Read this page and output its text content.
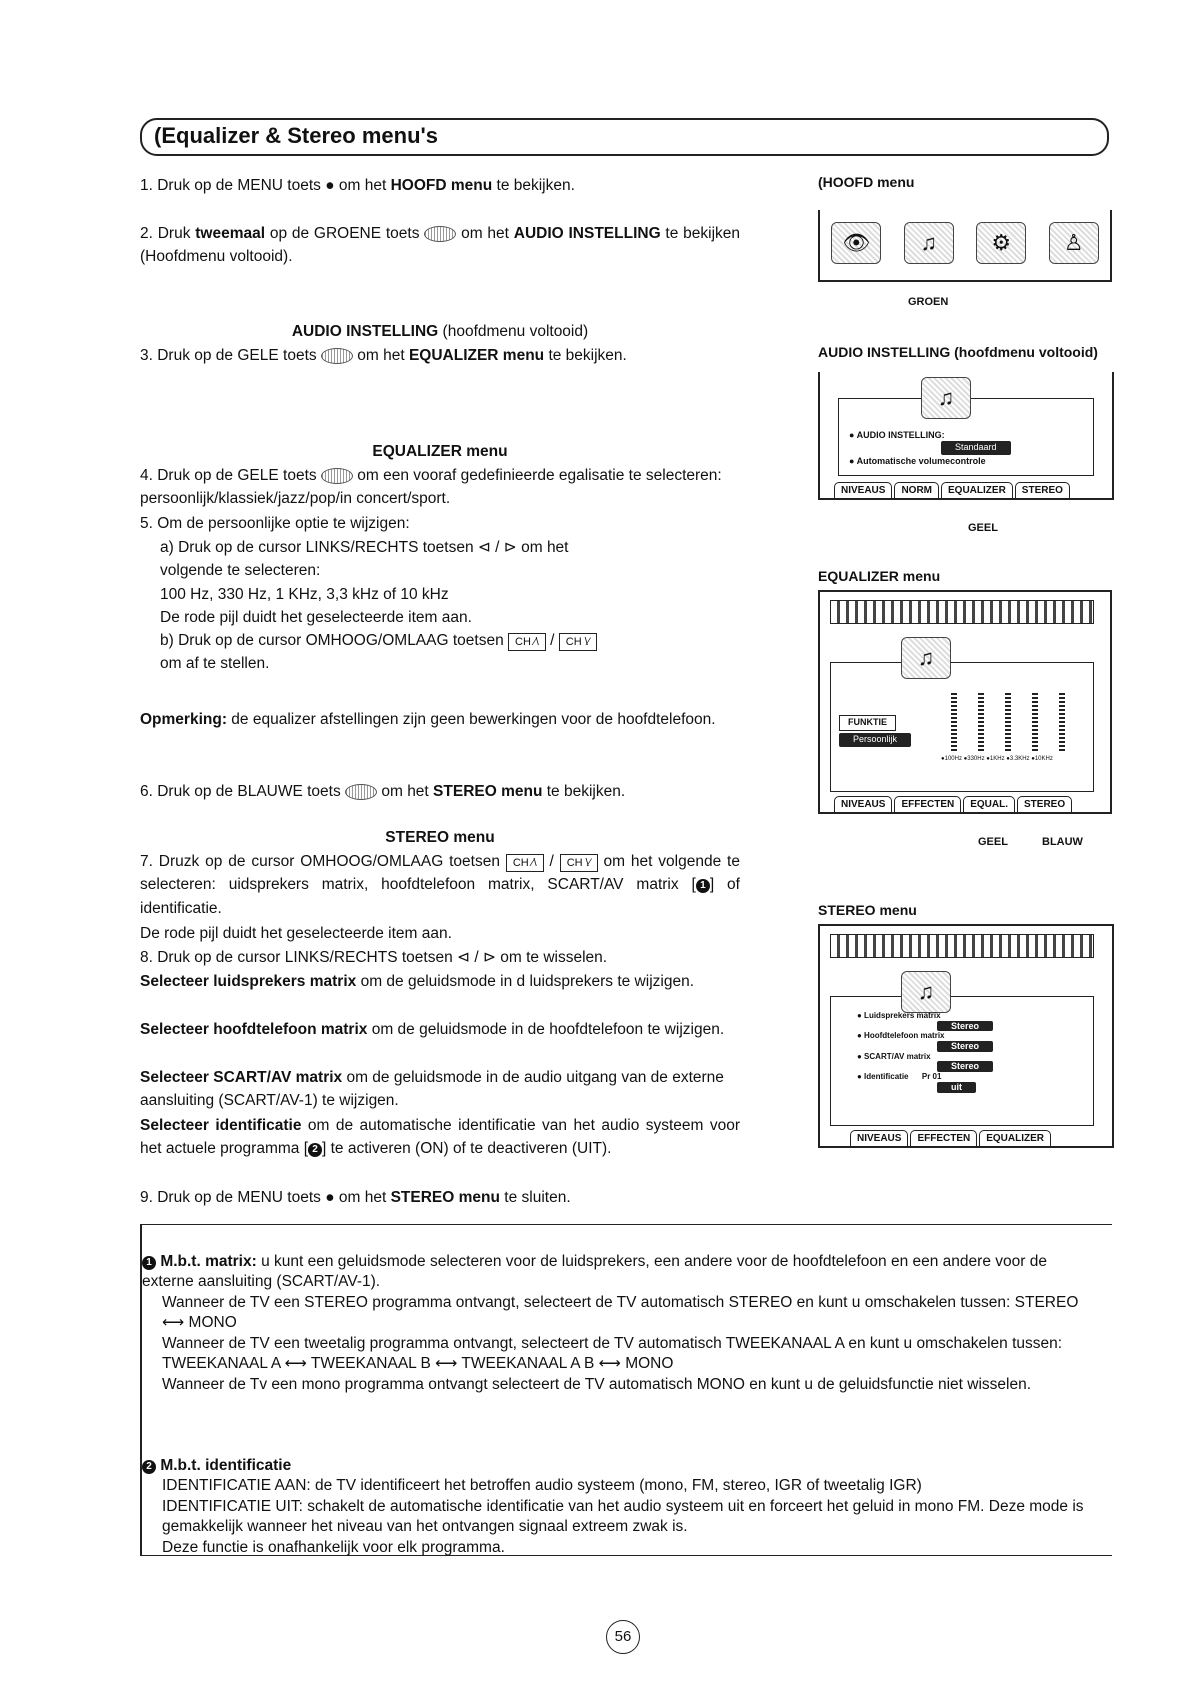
(Equalizer & Stereo menu's
1. Druk op de MENU toets ● om het HOOFD menu te bekijken.
2. Druk tweemaal op de GROENE toets  om het AUDIO INSTELLING te bekijken (Hoofdmenu voltooid).
AUDIO INSTELLING (hoofdmenu voltooid)
3. Druk op de GELE toets  om het EQUALIZER menu te bekijken.
EQUALIZER menu
4. Druk op de GELE toets  om een vooraf gedefinieerde egalisatie te selecteren: persoonlijk/klassiek/jazz/pop/in concert/sport.
5. Om de persoonlijke optie te wijzigen:
a) Druk op de cursor LINKS/RECHTS toetsen ⊲ / ⊳ om het
volgende te selecteren:
100 Hz, 330 Hz, 1 KHz, 3,3 kHz of 10 kHz
De rode pijl duidt het geselecteerde item aan.
b) Druk op de cursor OMHOOG/OMLAAG toetsen CH ⁄\ / CH \⁄
om af te stellen.
Opmerking: de equalizer afstellingen zijn geen bewerkingen voor de hoofdtelefoon.
6. Druk op de BLAUWE toets  om het STEREO menu te bekijken.
STEREO menu
7. Druzk op de cursor OMHOOG/OMLAAG toetsen CH ⁄\ / CH \⁄ om het volgende te selecteren: uidsprekers matrix, hoofdtelefoon matrix, SCART/AV matrix [ 1 ] of identificatie.
De rode pijl duidt het geselecteerde item aan.
8. Druk op de cursor LINKS/RECHTS toetsen ⊲ / ⊳ om te wisselen.
Selecteer luidsprekers matrix om de geluidsmode in d luidsprekers te wijzigen.
Selecteer hoofdtelefoon matrix om de geluidsmode in de hoofdtelefoon te wijzigen.
Selecteer SCART/AV matrix om de geluidsmode in de audio uitgang van de externe aansluiting (SCART/AV-1) te wijzigen.
Selecteer identificatie om de automatische identificatie van het audio systeem voor het actuele programma [ 2 ] te activeren (ON) of te deactiveren (UIT).
9. Druk op de MENU toets ● om het STEREO menu te sluiten.
(HOOFD menu
👁	♫	⚙	♙
GROEN
AUDIO INSTELLING (hoofdmenu voltooid)
♫
● AUDIO INSTELLING:
Standaard
● Automatische volumecontrole
NIVEAUS	NORM	EQUALIZER	STEREO
GEEL
EQUALIZER menu
♫
FUNKTIE
Persoonlijk
●100Hz ●330Hz ●1KHz ●3.3KHz ●10KHz
NIVEAUS	EFFECTEN	EQUAL.	STEREO
GEEL	BLAUW
STEREO menu
♫
● Luidsprekers matrix
Stereo
● Hoofdtelefoon matrix
Stereo
● SCART/AV matrix
Stereo
● Identificatie Pr 01
uit
NIVEAUS	EFFECTEN	EQUALIZER
1 M.b.t. matrix: u kunt een geluidsmode selecteren voor de luidsprekers, een andere voor de hoofdtelefoon en een andere voor de externe aansluiting (SCART/AV-1).
Wanneer de TV een STEREO programma ontvangt, selecteert de TV automatisch STEREO en kunt u omschakelen tussen: STEREO ⟷ MONO
Wanneer de TV een tweetalig programma ontvangt, selecteert de TV automatisch TWEEKANAAL A en kunt u omschakelen tussen:
TWEEKANAAL A ⟷ TWEEKANAAL B ⟷ TWEEKANAAL A B ⟷ MONO
Wanneer de Tv een mono programma ontvangt selecteert de TV automatisch MONO en kunt u de geluidsfunctie niet wisselen.
2 M.b.t. identificatie
IDENTIFICATIE AAN: de TV identificeert het betroffen audio systeem (mono, FM, stereo, IGR of tweetalig IGR)
IDENTIFICATIE UIT: schakelt de automatische identificatie van het audio systeem uit en forceert het geluid in mono FM. Deze mode is gemakkelijk wanneer het niveau van het ontvangen signaal extreem zwak is.
Deze functie is onafhankelijk voor elk programma.
56
